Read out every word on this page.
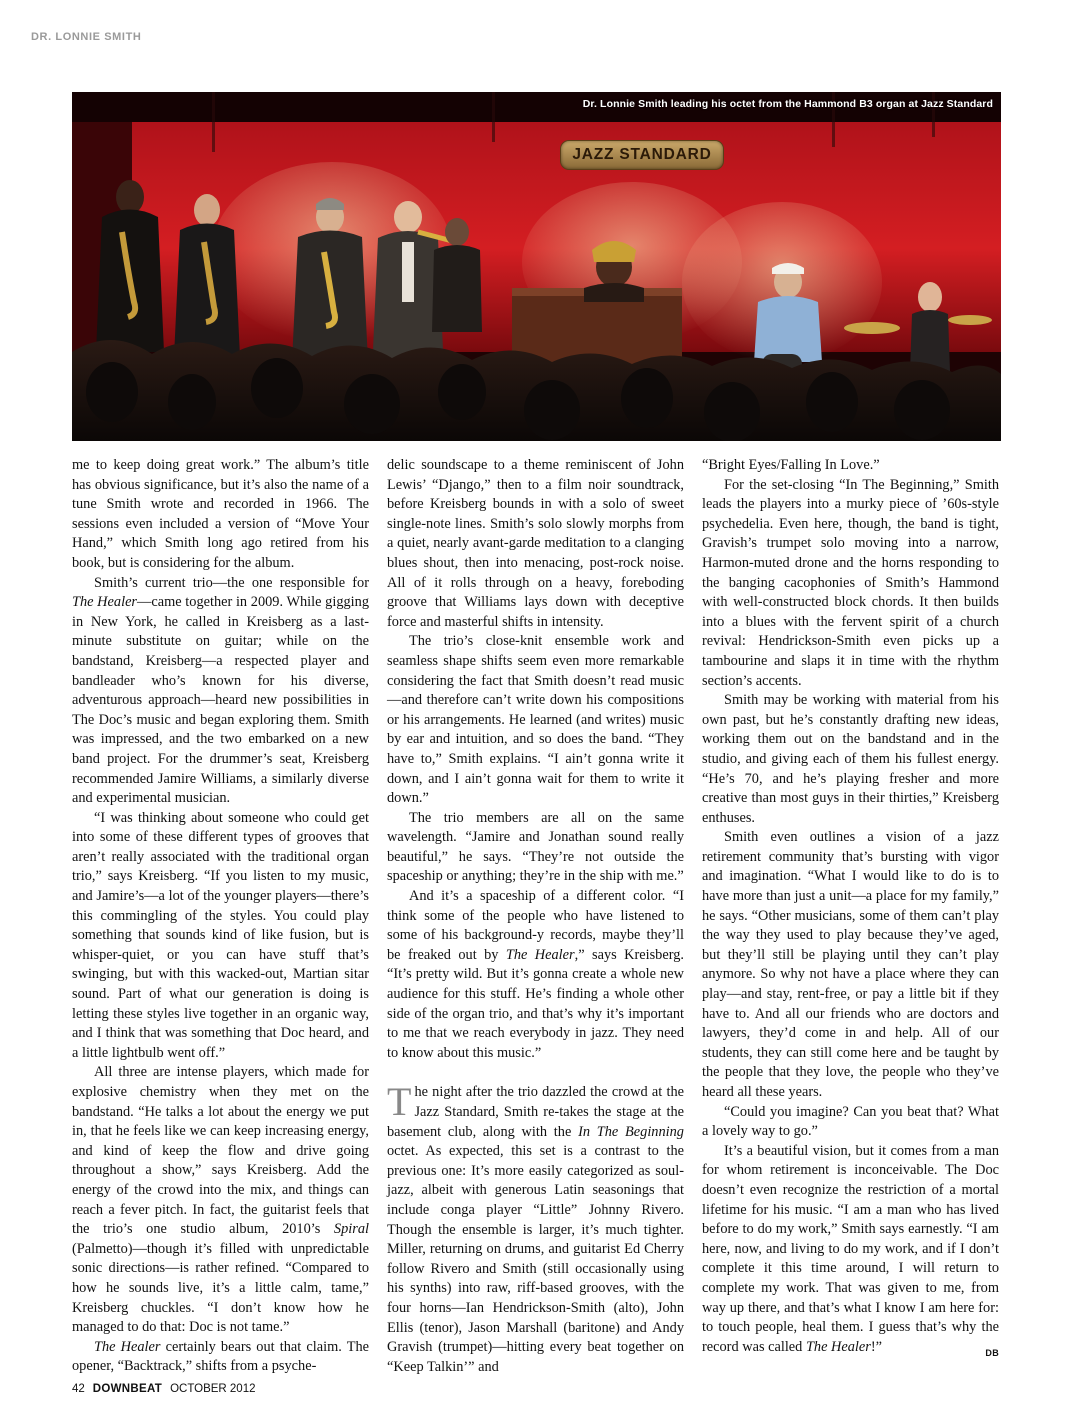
DR. LONNIE SMITH
JAZZ STANDARD
Dr. Lonnie Smith leading his octet from the Hammond B3 organ at Jazz Standard

me to keep doing great work.” The album’s title has obvious significance, but it’s also the name of a tune Smith wrote and recorded in 1966. The sessions even included a version of “Move Your Hand,” which Smith long ago retired from his book, but is considering for the album.

Smith’s current trio—the one responsible for The Healer—came together in 2009. While gigging in New York, he called in Kreisberg as a last-minute substitute on guitar; while on the bandstand, Kreisberg—a respected player and bandleader who’s known for his diverse, adventurous approach—heard new possibilities in The Doc’s music and began exploring them. Smith was impressed, and the two embarked on a new band project. For the drummer’s seat, Kreisberg recommended Jamire Williams, a similarly diverse and experimental musician.

“I was thinking about someone who could get into some of these different types of grooves that aren’t really associated with the traditional organ trio,” says Kreisberg. “If you listen to my music, and Jamire’s—a lot of the younger players—there’s this commingling of the styles. You could play something that sounds kind of like fusion, but is whisper-quiet, or you can have stuff that’s swinging, but with this wacked-out, Martian sitar sound. Part of what our generation is doing is letting these styles live together in an organic way, and I think that was something that Doc heard, and a little lightbulb went off.”

All three are intense players, which made for explosive chemistry when they met on the bandstand. “He talks a lot about the energy we put in, that he feels like we can keep increasing energy, and kind of keep the flow and drive going throughout a show,” says Kreisberg. Add the energy of the crowd into the mix, and things can reach a fever pitch. In fact, the guitarist feels that the trio’s one studio album, 2010’s Spiral (Palmetto)—though it’s filled with unpredictable sonic directions—is rather refined. “Compared to how he sounds live, it’s a little calm, tame,” Kreisberg chuckles. “I don’t know how he managed to do that: Doc is not tame.”

The Healer certainly bears out that claim. The opener, “Backtrack,” shifts from a psyche-

delic soundscape to a theme reminiscent of John Lewis’ “Django,” then to a film noir soundtrack, before Kreisberg bounds in with a solo of sweet single-note lines. Smith’s solo slowly morphs from a quiet, nearly avant-garde meditation to a clanging blues shout, then into menacing, post-rock noise. All of it rolls through on a heavy, foreboding groove that Williams lays down with deceptive force and masterful shifts in intensity.

The trio’s close-knit ensemble work and seamless shape shifts seem even more remarkable considering the fact that Smith doesn’t read music—and therefore can’t write down his compositions or his arrangements. He learned (and writes) music by ear and intuition, and so does the band. “They have to,” Smith explains. “I ain’t gonna write it down, and I ain’t gonna wait for them to write it down.”

The trio members are all on the same wavelength. “Jamire and Jonathan sound really beautiful,” he says. “They’re not outside the spaceship or anything; they’re in the ship with me.”

And it’s a spaceship of a different color. “I think some of the people who have listened to some of his background-y records, maybe they’ll be freaked out by The Healer,” says Kreisberg. “It’s pretty wild. But it’s gonna create a whole new audience for this stuff. He’s finding a whole other side of the organ trio, and that’s why it’s important to me that we reach everybody in jazz. They need to know about this music.”

The night after the trio dazzled the crowd at the Jazz Standard, Smith re-takes the stage at the basement club, along with the In The Beginning octet. As expected, this set is a contrast to the previous one: It’s more easily categorized as soul-jazz, albeit with generous Latin seasonings that include conga player “Little” Johnny Rivero. Though the ensemble is larger, it’s much tighter. Miller, returning on drums, and guitarist Ed Cherry follow Rivero and Smith (still occasionally using his synths) into raw, riff-based grooves, with the four horns—Ian Hendrickson-Smith (alto), John Ellis (tenor), Jason Marshall (baritone) and Andy Gravish (trumpet)—hitting every beat together on “Keep Talkin’” and

“Bright Eyes/Falling In Love.”

For the set-closing “In The Beginning,” Smith leads the players into a murky piece of ’60s-style psychedelia. Even here, though, the band is tight, Gravish’s trumpet solo moving into a narrow, Harmon-muted drone and the horns responding to the banging cacophonies of Smith’s Hammond with well-constructed block chords. It then builds into a blues with the fervent spirit of a church revival: Hendrickson-Smith even picks up a tambourine and slaps it in time with the rhythm section’s accents.

Smith may be working with material from his own past, but he’s constantly drafting new ideas, working them out on the bandstand and in the studio, and giving each of them his fullest energy. “He’s 70, and he’s playing fresher and more creative than most guys in their thirties,” Kreisberg enthuses.

Smith even outlines a vision of a jazz retirement community that’s bursting with vigor and imagination. “What I would like to do is to have more than just a unit—a place for my family,” he says. “Other musicians, some of them can’t play the way they used to play because they’ve aged, but they’ll still be playing until they can’t play anymore. So why not have a place where they can play—and stay, rent-free, or pay a little bit if they have to. And all our friends who are doctors and lawyers, they’d come in and help. All of our students, they can still come here and be taught by the people that they love, the people who they’ve heard all these years.

“Could you imagine? Can you beat that? What a lovely way to go.”

It’s a beautiful vision, but it comes from a man for whom retirement is inconceivable. The Doc doesn’t even recognize the restriction of a mortal lifetime for his music. “I am a man who has lived before to do my work,” Smith says earnestly. “I am here, now, and living to do my work, and if I don’t complete it this time around, I will return to complete my work. That was given to me, from way up there, and that’s what I know I am here for: to touch people, heal them. I guess that’s why the record was called The Healer!”	DB

42 DOWNBEAT OCTOBER 2012
